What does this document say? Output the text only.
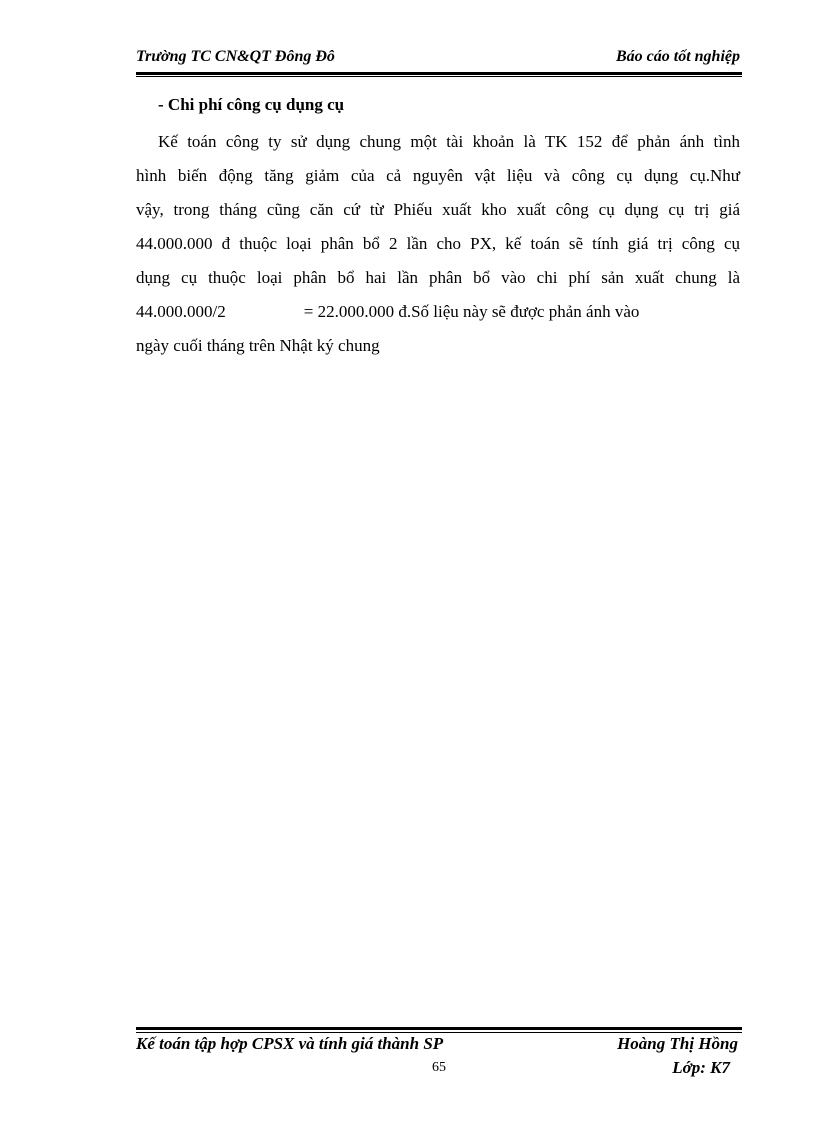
Trường TC CN&QT Đông Đô	Báo cáo tốt nghiệp
- Chi phí công cụ dụng cụ
Kế toán công ty sử dụng chung một tài khoản là TK 152 để phản ánh tình
hình biến động tăng giảm của cả nguyên vật liệu và công cụ dụng cụ.Như
vậy, trong tháng cũng căn cứ từ Phiếu xuất kho xuất công cụ dụng cụ trị giá
44.000.000 đ thuộc loại phân bổ 2 lần cho PX, kế toán sẽ tính giá trị công cụ
dụng cụ thuộc loại phân bổ hai lần phân bổ vào chi phí sản xuất chung là
44.000.000/2	= 22.000.000 đ.Số liệu này sẽ được phản ánh vào
ngày cuối tháng trên Nhật ký chung
Kế toán tập hợp CPSX và tính giá thành SP	Hoàng Thị Hồng
65	Lớp: K7
